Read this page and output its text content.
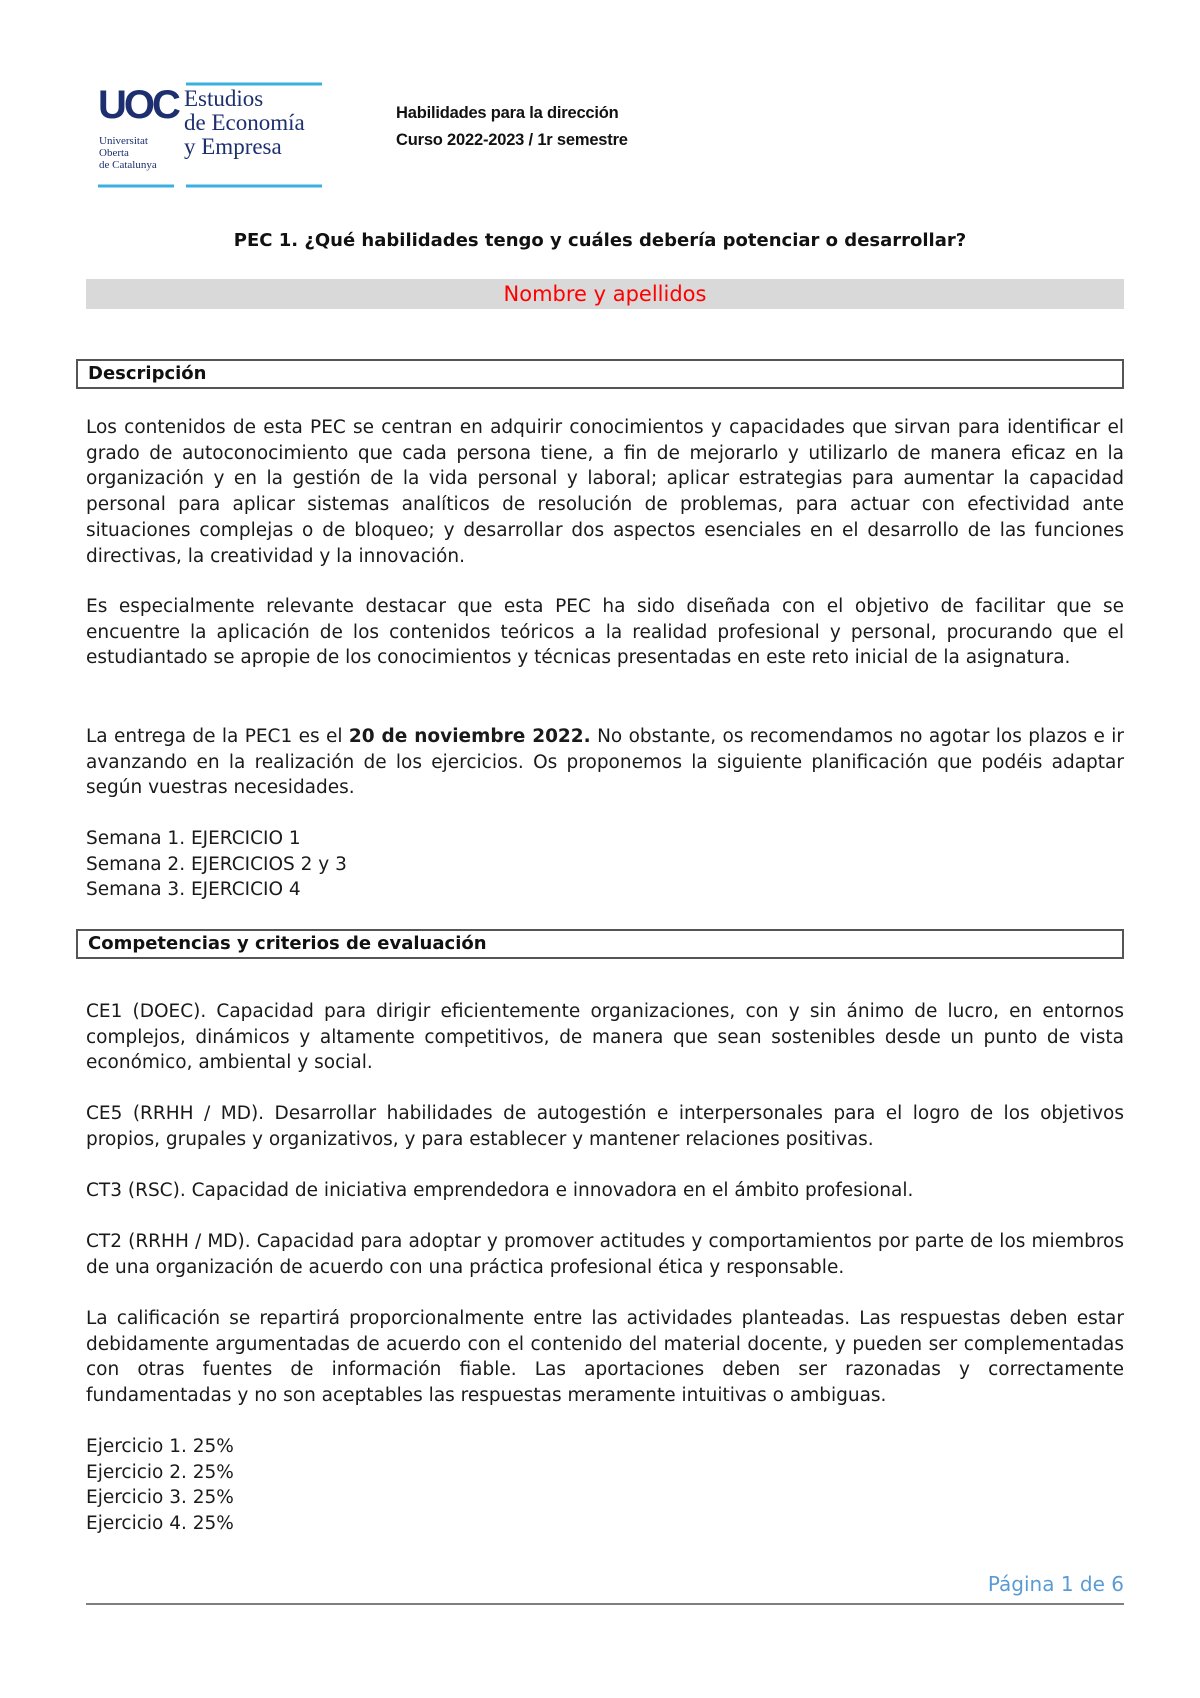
UOC
Universitat
Oberta
de Catalunya
Estudios
de Economía
y Empresa
Habilidades para la dirección
Curso 2022-2023 / 1r semestre
PEC 1. ¿Qué habilidades tengo y cuáles debería potenciar o desarrollar?
Nombre y apellidos
Descripción

Los contenidos de esta PEC se centran en adquirir conocimientos y capacidades que sirvan para identificar el grado de autoconocimiento que cada persona tiene, a fin de mejorarlo y utilizarlo de manera eficaz en la organización y en la gestión de la vida personal y laboral; aplicar estrategias para aumentar la capacidad personal para aplicar sistemas analíticos de resolución de problemas, para actuar con efectividad ante situaciones complejas o de bloqueo; y desarrollar dos aspectos esenciales en el desarrollo de las funciones directivas, la creatividad y la innovación.

Es especialmente relevante destacar que esta PEC ha sido diseñada con el objetivo de facilitar que se encuentre la aplicación de los contenidos teóricos a la realidad profesional y personal, procurando que el estudiantado se apropie de los conocimientos y técnicas presentadas en este reto inicial de la asignatura.

La entrega de la PEC1 es el 20 de noviembre 2022. No obstante, os recomendamos no agotar los plazos e ir avanzando en la realización de los ejercicios. Os proponemos la siguiente planificación que podéis adaptar según vuestras necesidades.

Semana 1. EJERCICIO 1
Semana 2. EJERCICIOS 2 y 3
Semana 3. EJERCICIO 4
Competencias y criterios de evaluación

CE1 (DOEC). Capacidad para dirigir eficientemente organizaciones, con y sin ánimo de lucro, en entornos complejos, dinámicos y altamente competitivos, de manera que sean sostenibles desde un punto de vista económico, ambiental y social.

CE5 (RRHH / MD). Desarrollar habilidades de autogestión e interpersonales para el logro de los objetivos propios, grupales y organizativos, y para establecer y mantener relaciones positivas.

CT3 (RSC). Capacidad de iniciativa emprendedora e innovadora en el ámbito profesional.

CT2 (RRHH / MD). Capacidad para adoptar y promover actitudes y comportamientos por parte de los miembros de una organización de acuerdo con una práctica profesional ética y responsable.

La calificación se repartirá proporcionalmente entre las actividades planteadas. Las respuestas deben estar debidamente argumentadas de acuerdo con el contenido del material docente, y pueden ser complementadas con otras fuentes de información fiable. Las aportaciones deben ser razonadas y correctamente fundamentadas y no son aceptables las respuestas meramente intuitivas o ambiguas.

Ejercicio 1. 25%
Ejercicio 2. 25%
Ejercicio 3. 25%
Ejercicio 4. 25%
Página 1 de 6
